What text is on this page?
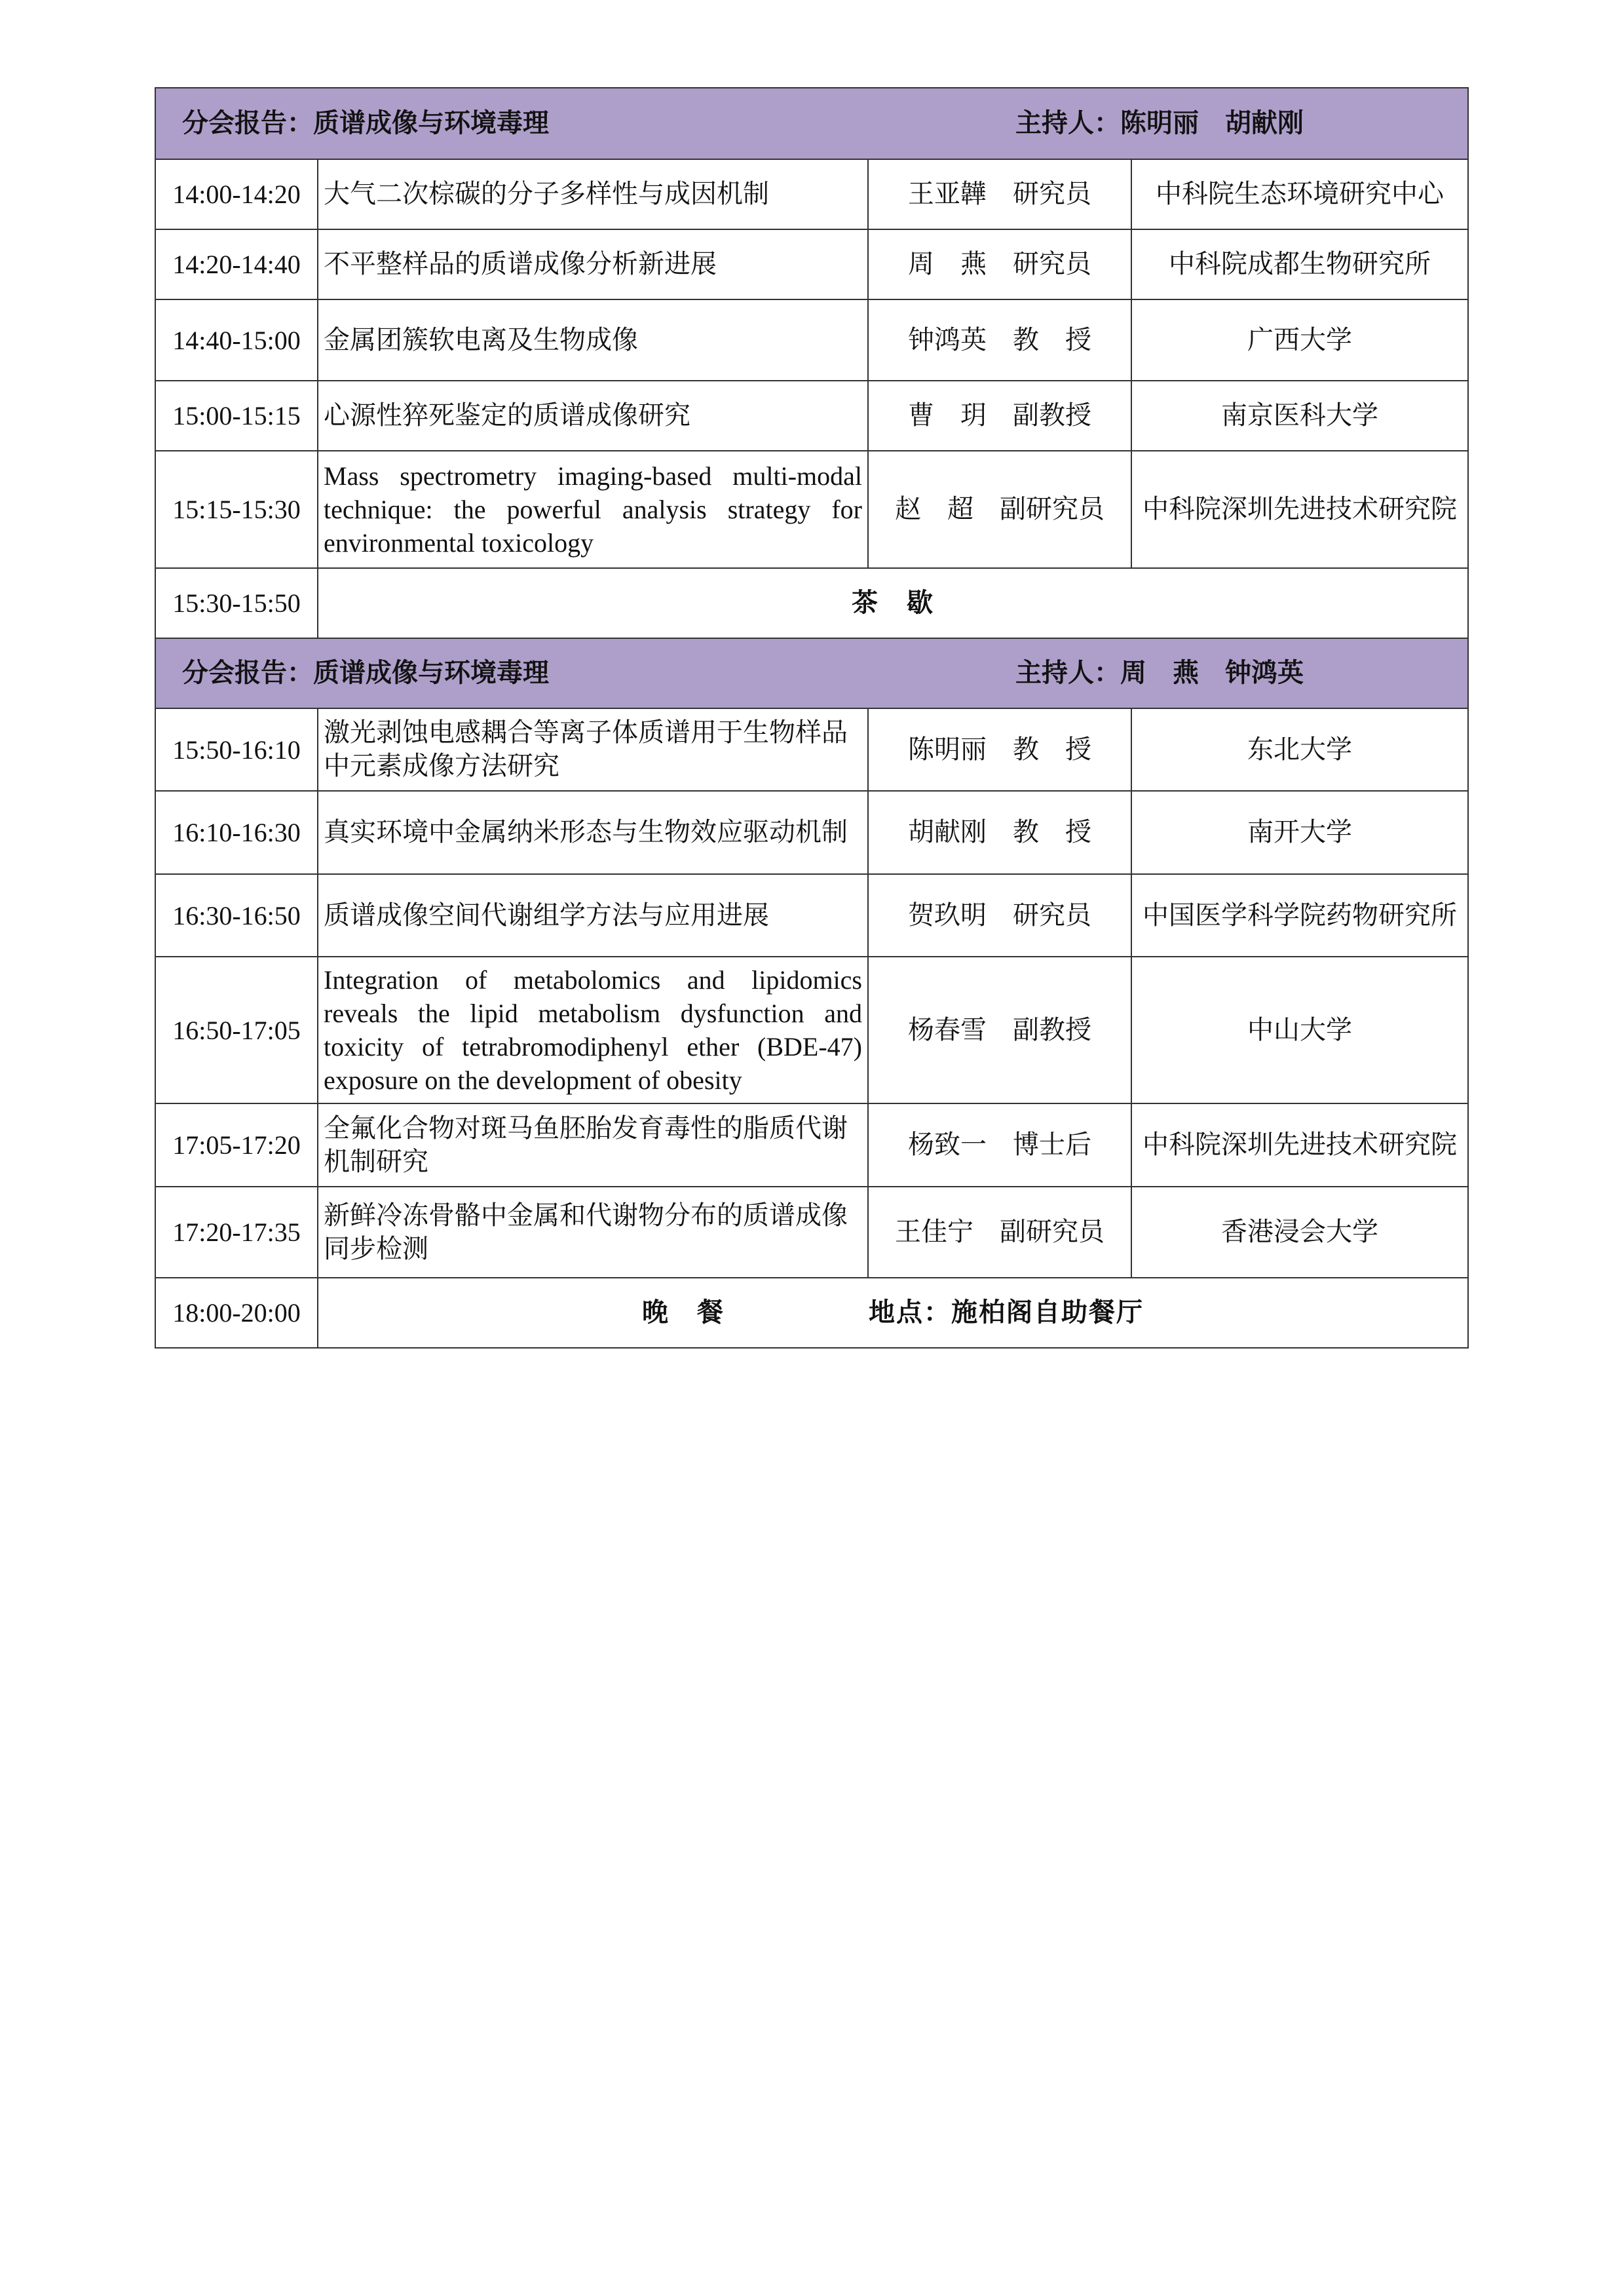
分会报告：质谱成像与环境毒理 主持人：陈明丽　胡献刚			

14:00-14:20	大气二次棕碳的分子多样性与成因机制	王亚韡　研究员	中科院生态环境研究中心
14:20-14:40	不平整样品的质谱成像分析新进展	周　燕　研究员	中科院成都生物研究所
14:40-15:00	金属团簇软电离及生物成像	钟鸿英　教　授	广西大学
15:00-15:15	心源性猝死鉴定的质谱成像研究	曹　玥　副教授	南京医科大学
15:15-15:30	Mass spectrometry imaging-based multi-modal technique: the powerful analysis strategy for environmental toxicology	赵　超　副研究员	中科院深圳先进技术研究院
15:30-15:50	茶　歇		

分会报告：质谱成像与环境毒理 主持人：周　燕　钟鸿英			

15:50-16:10	激光剥蚀电感耦合等离子体质谱用于生物样品中元素成像方法研究	陈明丽　教　授	东北大学
16:10-16:30	真实环境中金属纳米形态与生物效应驱动机制	胡献刚　教　授	南开大学
16:30-16:50	质谱成像空间代谢组学方法与应用进展	贺玖明　研究员	中国医学科学院药物研究所
16:50-17:05	Integration of metabolomics and lipidomics reveals the lipid metabolism dysfunction and toxicity of tetrabromodiphenyl ether (BDE-47) exposure on the development of obesity	杨春雪　副教授	中山大学
17:05-17:20	全氟化合物对斑马鱼胚胎发育毒性的脂质代谢机制研究	杨致一　博士后	中科院深圳先进技术研究院
17:20-17:35	新鲜冷冻骨骼中金属和代谢物分布的质谱成像同步检测	王佳宁　副研究员	香港浸会大学
18:00-20:00	晚　餐 地点：施柏阁自助餐厅		
